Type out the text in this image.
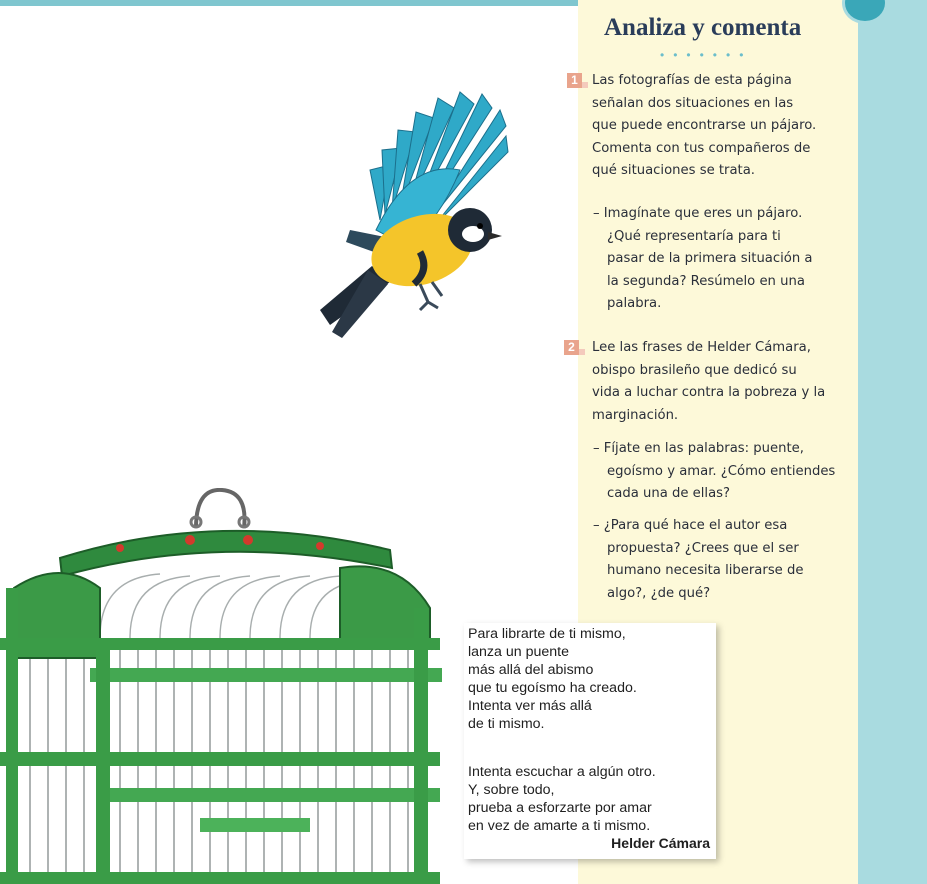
Analiza y comenta
•••••••
1	Las fotografías de esta página
señalan dos situaciones en las
que puede encontrarse un pájaro.
Comenta con tus compañeros de
qué situaciones se trata.
– Imagínate que eres un pájaro.
¿Qué representaría para ti
pasar de la primera situación a
la segunda? Resúmelo en una
palabra.
2	Lee las frases de Helder Cámara,
obispo brasileño que dedicó su
vida a luchar contra la pobreza y la
marginación.
– Fíjate en las palabras: puente,
egoísmo y amar. ¿Cómo entiendes
cada una de ellas?
– ¿Para qué hace el autor esa
propuesta? ¿Crees que el ser
humano necesita liberarse de
algo?, ¿de qué?
Para librarte de ti mismo,
lanza un puente
más allá del abismo
que tu egoísmo ha creado.
Intenta ver más allá
de ti mismo.
Intenta escuchar a algún otro.
Y, sobre todo,
prueba a esforzarte por amar
en vez de amarte a ti mismo.
Helder Cámara
